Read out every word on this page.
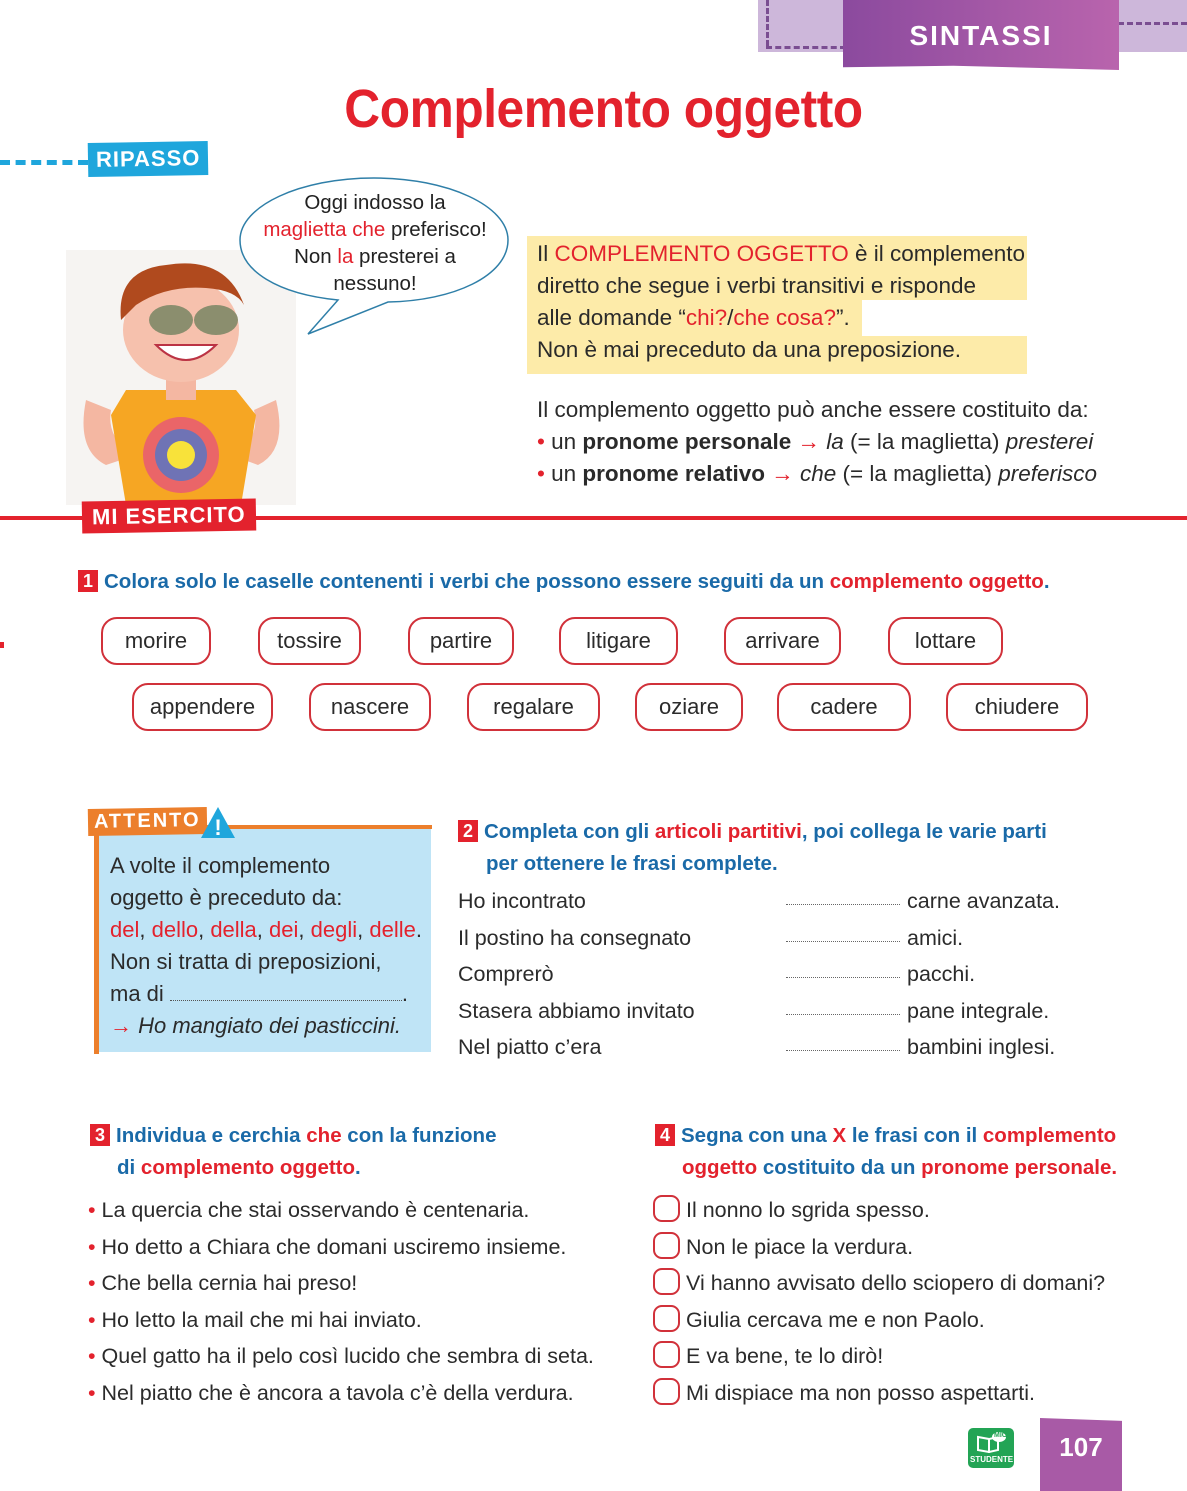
SINTASSI
Complemento oggetto
RIPASSO
Oggi indosso la
maglietta che preferisco!
Non la presterei a
nessuno!
Il COMPLEMENTO OGGETTO è il complemento
diretto che segue i verbi transitivi e risponde
alle domande “chi?/che cosa?”.
Non è mai preceduto da una preposizione.
Il complemento oggetto può anche essere costituito da:
• un pronome personale → la (= la maglietta) presterei
• un pronome relativo → che (= la maglietta) preferisco
MI ESERCITO
1 Colora solo le caselle contenenti i verbi che possono essere seguiti da un complemento oggetto.
morire	tossire	partire	litigare	arrivare	lottare
appendere	nascere	regalare	oziare	cadere	chiudere
ATTENTO !
A volte il complemento
oggetto è preceduto da:
del, dello, della, dei, degli, delle.
Non si tratta di preposizioni,
ma di	.
→ Ho mangiato dei pasticcini.
2 Completa con gli articoli partitivi, poi collega le varie parti
per ottenere le frasi complete.
Ho incontrato	carne avanzata.
Il postino ha consegnato	amici.
Comprerò	pacchi.
Stasera abbiamo invitato	pane integrale.
Nel piatto c’era	bambini inglesi.
3 Individua e cerchia che con la funzione
di complemento oggetto.
• La quercia che stai osservando è centenaria.
• Ho detto a Chiara che domani usciremo insieme.
• Che bella cernia hai preso!
• Ho letto la mail che mi hai inviato.
• Quel gatto ha il pelo così lucido che sembra di seta.
• Nel piatto che è ancora a tavola c’è della verdura.
4 Segna con una X le frasi con il complemento
oggetto costituito da un pronome personale.
Il nonno lo sgrida spesso.
Non le piace la verdura.
Vi hanno avvisato dello sciopero di domani?
Giulia cercava me e non Paolo.
E va bene, te lo dirò!
Mi dispiace ma non posso aspettarti.
MIO
STUDENTE	107
